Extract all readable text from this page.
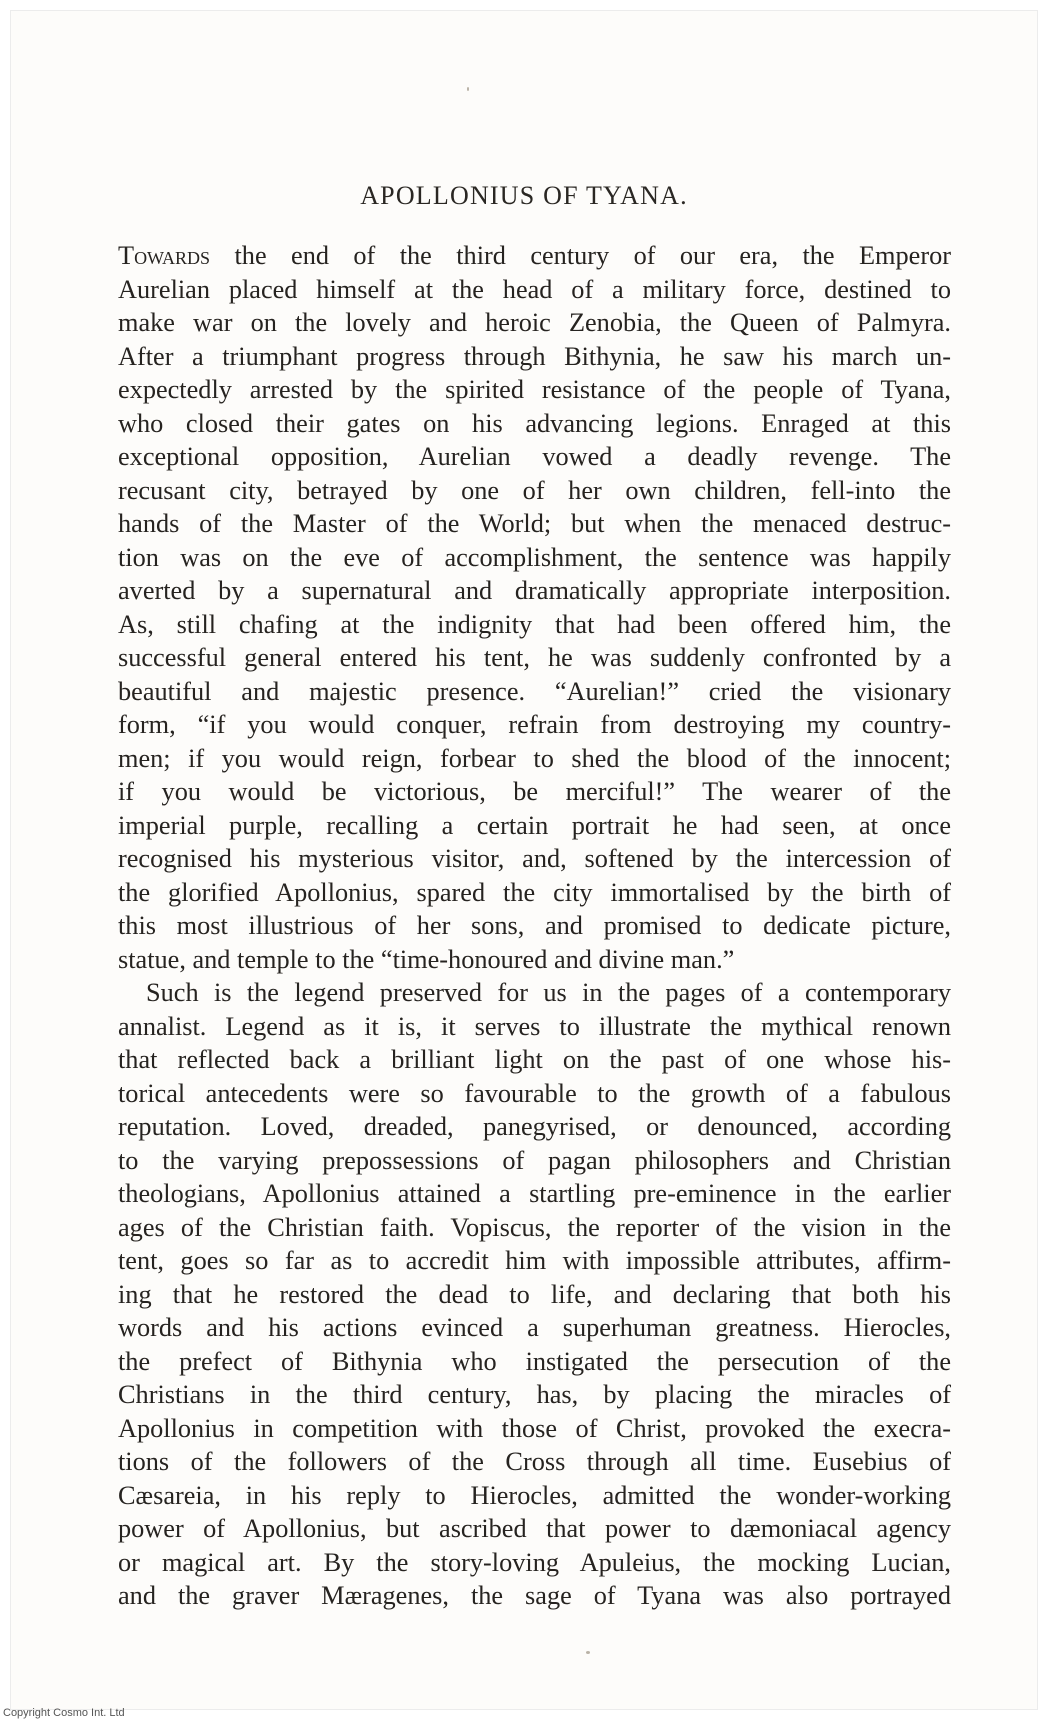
APOLLONIUS OF TYANA.
Towards the end of the third century of our era, the Emperor
Aurelian placed himself at the head of a military force, destined to
make war on the lovely and heroic Zenobia, the Queen of Palmyra.
After a triumphant progress through Bithynia, he saw his march un-
expectedly arrested by the spirited resistance of the people of Tyana,
who closed their gates on his advancing legions. Enraged at this
exceptional opposition, Aurelian vowed a deadly revenge. The
recusant city, betrayed by one of her own children, fell-into the
hands of the Master of the World; but when the menaced destruc-
tion was on the eve of accomplishment, the sentence was happily
averted by a supernatural and dramatically appropriate interposition.
As, still chafing at the indignity that had been offered him, the
successful general entered his tent, he was suddenly confronted by a
beautiful and majestic presence. “Aurelian!” cried the visionary
form, “if you would conquer, refrain from destroying my country-
men; if you would reign, forbear to shed the blood of the innocent;
if you would be victorious, be merciful!” The wearer of the
imperial purple, recalling a certain portrait he had seen, at once
recognised his mysterious visitor, and, softened by the intercession of
the glorified Apollonius, spared the city immortalised by the birth of
this most illustrious of her sons, and promised to dedicate picture,
statue, and temple to the “time-honoured and divine man.”
Such is the legend preserved for us in the pages of a contemporary
annalist. Legend as it is, it serves to illustrate the mythical renown
that reflected back a brilliant light on the past of one whose his-
torical antecedents were so favourable to the growth of a fabulous
reputation. Loved, dreaded, panegyrised, or denounced, according
to the varying prepossessions of pagan philosophers and Christian
theologians, Apollonius attained a startling pre-eminence in the earlier
ages of the Christian faith. Vopiscus, the reporter of the vision in the
tent, goes so far as to accredit him with impossible attributes, affirm-
ing that he restored the dead to life, and declaring that both his
words and his actions evinced a superhuman greatness. Hierocles,
the prefect of Bithynia who instigated the persecution of the
Christians in the third century, has, by placing the miracles of
Apollonius in competition with those of Christ, provoked the execra-
tions of the followers of the Cross through all time. Eusebius of
Cæsareia, in his reply to Hierocles, admitted the wonder-working
power of Apollonius, but ascribed that power to dæmoniacal agency
or magical art. By the story-loving Apuleius, the mocking Lucian,
and the graver Mæragenes, the sage of Tyana was also portrayed
Copyright Cosmo Int. Ltd
